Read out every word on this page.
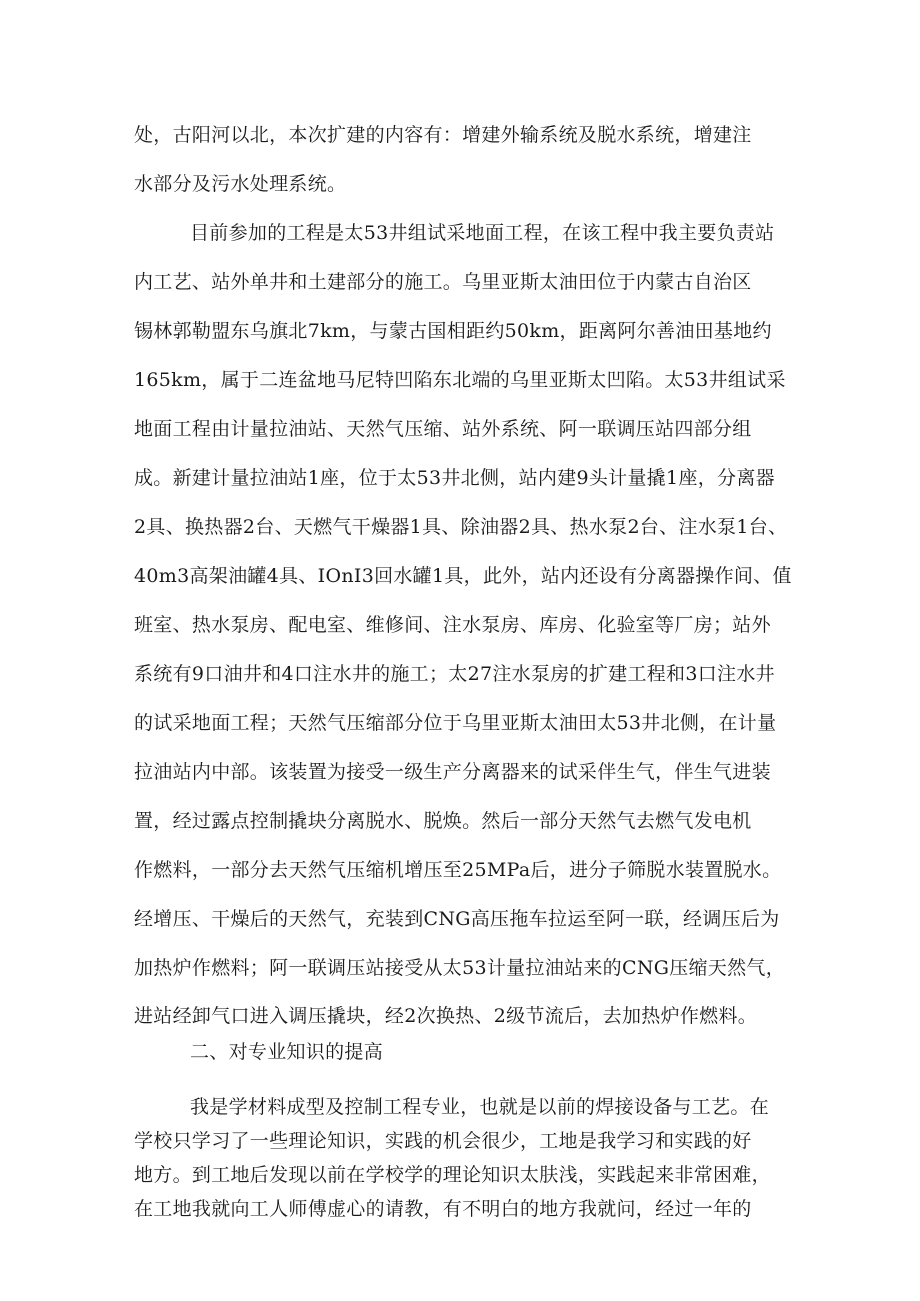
处，古阳河以北，本次扩建的内容有：增建外输系统及脱水系统，增建注
水部分及污水处理系统。
目前参加的工程是太53井组试采地面工程，在该工程中我主要负责站
内工艺、站外单井和土建部分的施工。乌里亚斯太油田位于内蒙古自治区
锡林郭勒盟东乌旗北7km，与蒙古国相距约50km，距离阿尔善油田基地约
165km，属于二连盆地马尼特凹陷东北端的乌里亚斯太凹陷。太53井组试采
地面工程由计量拉油站、天然气压缩、站外系统、阿一联调压站四部分组
成。新建计量拉油站1座，位于太53井北侧，站内建9头计量撬1座，分离器
2具、换热器2台、天燃气干燥器1具、除油器2具、热水泵2台、注水泵1台、
40m3高架油罐4具、IOnI3回水罐1具，此外，站内还设有分离器操作间、值
班室、热水泵房、配电室、维修间、注水泵房、库房、化验室等厂房；站外
系统有9口油井和4口注水井的施工；太27注水泵房的扩建工程和3口注水井
的试采地面工程；天然气压缩部分位于乌里亚斯太油田太53井北侧，在计量
拉油站内中部。该装置为接受一级生产分离器来的试采伴生气，伴生气进装
置，经过露点控制撬块分离脱水、脱焕。然后一部分天然气去燃气发电机
作燃料，一部分去天然气压缩机增压至25MPa后，进分子筛脱水装置脱水。
经增压、干燥后的天然气，充装到CNG高压拖车拉运至阿一联，经调压后为
加热炉作燃料；阿一联调压站接受从太53计量拉油站来的CNG压缩天然气，
进站经卸气口进入调压撬块，经2次换热、2级节流后，去加热炉作燃料。
二、对专业知识的提高
我是学材料成型及控制工程专业，也就是以前的焊接设备与工艺。在
学校只学习了一些理论知识，实践的机会很少，工地是我学习和实践的好
地方。到工地后发现以前在学校学的理论知识太肤浅，实践起来非常困难，
在工地我就向工人师傅虚心的请教，有不明白的地方我就问，经过一年的
